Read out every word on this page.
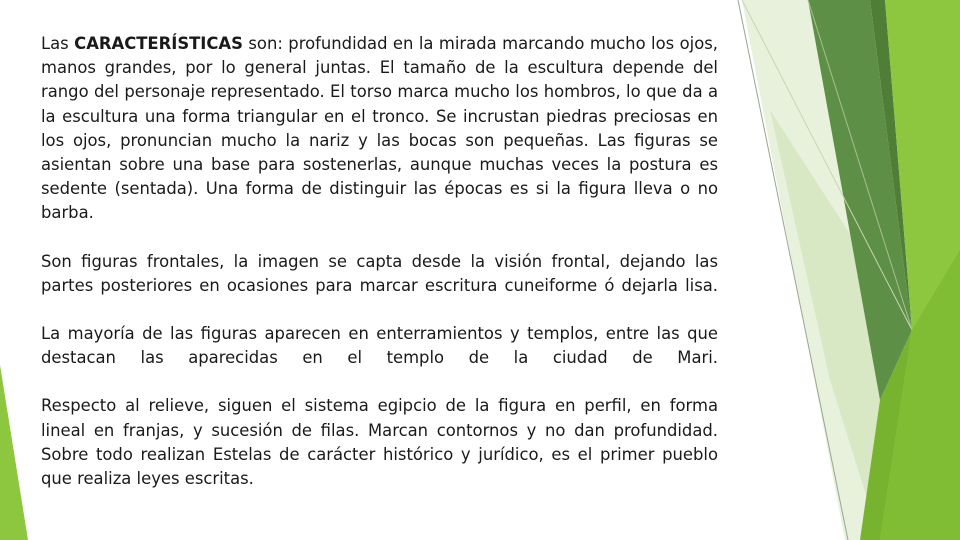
Las CARACTERÍSTICAS son: profundidad en la mirada marcando mucho los ojos, manos grandes, por lo general juntas. El tamaño de la escultura depende del rango del personaje representado. El torso marca mucho los hombros, lo que da a la escultura una forma triangular en el tronco. Se incrustan piedras preciosas en los ojos, pronuncian mucho la nariz y las bocas son pequeñas. Las figuras se asientan sobre una base para sostenerlas, aunque muchas veces la postura es sedente (sentada). Una forma de distinguir las épocas es si la figura lleva o no barba.

Son figuras frontales, la imagen se capta desde la visión frontal, dejando las partes posteriores en ocasiones para marcar escritura cuneiforme ó dejarla lisa.

La mayoría de las figuras aparecen en enterramientos y templos, entre las que destacan las aparecidas en el templo de la ciudad de Mari.

Respecto al relieve, siguen el sistema egipcio de la figura en perfil, en forma lineal en franjas, y sucesión de filas. Marcan contornos y no dan profundidad. Sobre todo realizan Estelas de carácter histórico y jurídico, es el primer pueblo que realiza leyes escritas.
